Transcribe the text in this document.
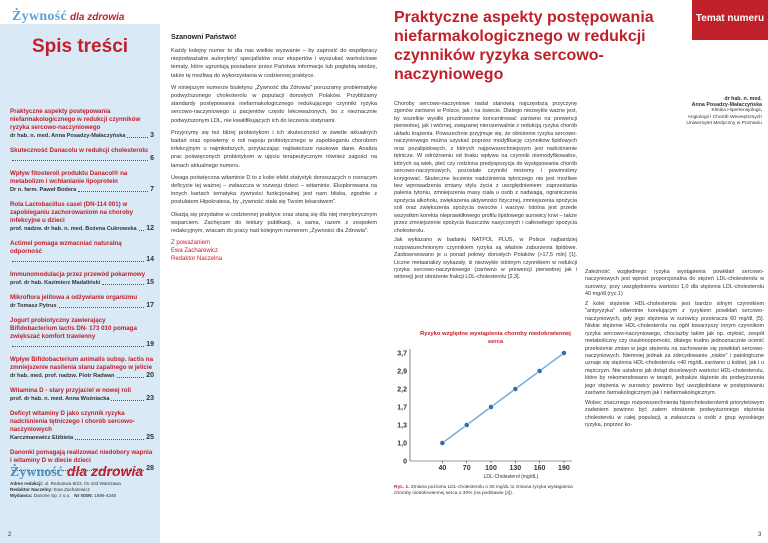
Żywność dla zdrowia
Spis treści
Praktyczne aspekty postępowania niefarmakologicznego w redukcji czynników ryzyka sercowo-naczyniowego
dr hab. n. med. Anna Posadzy-Małaczyńska	3
Skuteczność Danacolu w redukcji cholesterolu
6
Wpływ fitosteroli produktu Danacol® na metabolizm i wchłanianie lipoprotein
Dr n. farm. Paweł Bodera	7
Rola Lactobacillus casei (DN-114 001) w zapobieganiu zachorowaniom na choroby infekcyjne u dzieci
prof. nadzw. dr hab. n. med. Bożena Cukrowska 12
Actimel pomaga wzmacniać naturalną odporność
14
Immunomodulacja przez przewód pokarmowy
prof. dr hab. Kazimierz Madaliński	15
Mikroflora jelitowa a odżywianie organizmu
dr Tomasz Pytrus	17
Jogurt probiotyczny zawierający Bifidobacterium lactis DN- 173 010 pomaga zwiększać komfort trawienny
19
Wpływ Bifidobacterium animalis subsp. lactis na zmniejszenie nasilenia stanu zapalnego w jelicie
dr hab. med. prof. nadzw. Piotr Radwan	20
Witamina D - stary przyjaciel w nowej roli
prof. dr hab. n. med. Anna Woźniacka	23
Deficyt witaminy D jako czynnik ryzyka nadciśnienia tętniczego i chorób sercowo-naczyniowych
Karczmarewicz Elżbieta	25
Danonki pomagają realizować niedobory wapnia i witaminy D w diecie dzieci
28
Żywność dla zdrowia
Adres redakcji: ul. Redutowa 9/23, 01-103 Warszawa
Redaktor Naczelny: Ewa Zacharewicz
Wydawca: Danone Sp. z o.o. Nr ISSN: 1896-4346
2
Szanowni Państwo!

Każdy kolejny numer to dla nas wielkie wyzwanie – by zaprosić do współpracy niepodważalne autorytety/ specjalistów oraz ekspertów i wyszukać wartościowe tematy, które ugruntują posiadane przez Państwa informacje lub pogłębią wiedzę, także tę możliwą do wykorzystania w codziennej praktyce.

W niniejszym numerze biuletynu „Żywność dla Zdrowia" poruszamy problematykę podwyższonego cholesterolu w populacji dorosłych Polaków. Przybliżamy standardy postępowania niefarmakologicznego redukującego czynniki ryzyka sercowo-naczyniowego u pacjentów często lekceważonych, bo z nieznacznie podwyższonym LDL, nie kwalifikujących ich do leczenia statynami.

Przyjrzymy się też bliżej probiotykom i ich skuteczności w świetle aktualnych badań oraz opowiemy o roli napoju probiotycznego w zapobieganiu chorobom infekcyjnym u najmłodszych, przytaczając najświeższe naukowe dane. Analiza prac poświęconych probiotykom w ujęciu terapeutycznym również zagości na łamach aktualnego numeru.

Uwaga poświęcona witaminie D to z kolei efekt statystyk donoszących o rosnącym deficycie tej ważnej – zwłaszcza w rozwoju dzieci – witaminie. Eksplorowana na innych kartach tematyka żywności funkcjonalnej jest nam bliska, zgodnie z postulatem Hipokratesa, by „żywność stała się Twoim lekarstwem".

Okazją się przydatne w codziennej praktyce oraz staną się dla niej merytorycznym wsparciem. Zachęcam do lektury publikacji, a sama, razem z zespołem redakcyjnym, wracam do pracy nad kolejnym numerem „Żywności dla Zdrowia".

Z poważaniem
Ewa Zacharewicz
Redaktor Naczelna
Praktyczne aspekty postępowania niefarmakologicznego w redukcji czynników ryzyka sercowo-naczyniowego
Temat numeru
dr hab. n. med.
Anna Posadzy-Małaczyńska
Klinika Hipertensjologii,
Angiologii i Chorób Wewnętrznych
Uniwersytet Medyczny w Poznaniu

Choroby sercowo-naczyniowe nadal stanowią najczęstszą przyczynę zgonów zarówno w Polsce, jak i na świecie. Dlatego niezwykle ważne jest, by wszelkie wysiłki prozdrowotne koncentrować zarówno na prewencji pierwotnej, jak i wtórnej, związanej nierozerwalnie z redukcją ryzyka chorób układu krążenia. Powszechnie przyjmuje się, że obniżenie ryzyka sercowo-naczyniowego można uzyskać poprzez modyfikację czynników lipidowych oraz pozalipidowych, z których najpowszechniejszym jest nadciśnienie tętnicze. W odróżnieniu od braku wpływu na czynniki niemodyfikowalne, których są wiek, płeć czy rodzinna predyspozycja do występowania chorób sercowo-naczyniowych, pozostałe czynniki możemy i powinniśmy korygować. Skuteczne leczenie nadciśnienia tętniczego nie jest możliwe bez wprowadzenia zmiany stylu życia z uwzględnieniem: zaprzestania palenia tytoniu, zmniejszenia masy ciała u osób z nadwagą, ograniczenia spożycia alkoholu, zwiększenia aktywności fizycznej, zmniejszenia spożycia soli oraz zwiększenia spożycia owoców i warzyw. Istotna jest przede wszystkim korekta nieprawidłowego profilu lipidowego surowicy krwi – także przez zmniejszenie spożycia tłuszczów nasyconych i całkowitego spożycia cholesterolu.

Jak wykazano w badaniu NATPOL PLUS, w Polsce najbardziej rozpowszechnionym czynnikiem ryzyka są właśnie zaburzenia lipidowe. Zaobserwowano je u ponad połowy dorosłych Polaków (>17,5 mln) [1]. Liczne metaanalizy wykazały, iż niezwykle istotnym czynnikiem w redukcji ryzyka sercowo-naczyniowego (zarówno w prewencji pierwotnej jak i wtórnej) jest obniżenie frakcji LDL-cholesterolu [2,3].

Zależność względnego ryzyka wystąpienia powikłań sercowo-naczyniowych jest wprost proporcjonalna do stężeń LDL-cholesterolu w surowicy, przy uwzględnieniu wartości 1,0 dla stężenia LDL-cholesterolu 40 mg/dl (ryc.1)

Z kolei stężenie HDL-cholesterolu jest bardzo silnym czynnikiem "antyryzyka" odwrotnie korelującym z ryzykiem powikłań sercowo-naczyniowych, gdy jego stężenia w surowicy przekracza 60 mg/dl, [5]. Niskie stężenie HDL-cholesterolu na ogół towarzyszy innym czynnikom ryzyka sercowo-naczyniowego, chociażby takim jak np. otyłość, zespół metaboliczny czy insulinooporność, dlatego trudno jednoznacznie ocenić przełożenie zmian w jego stężeniu na zachowanie się powikłań sercowo-naczyniowych. Niemniej jednak za zdecydowanie „niskie" i patologiczne uznaje się stężenia HDL-cholesterolu <40 mg/dL zarówno u kobiet, jak i u mężczyzn. Nie ustalono jak dotąd docelowych wartości HDL-cholesterolu, które by rekomendowano w terapii, jednakże dążenie do podwyższenia jego stężenia w surowicy powinno być uwzględniane w postępowaniu zarówno farmakologicznym jak i niefarmakologicznym.

Wobec znacznego rozpowszechnienia hipercholesterolemii priorytetowym zadaniem powinno być zatem obniżenie podwyższonego stężenia cholesterolu w całej populacji, a zwłaszcza u osób z grup wysokiego ryzyka, poprzez ko-

Ryzyko względne wystąpienia choroby niedokrwiennej serca
0
1,0
1,3
1,7
2,2
2,9
3,7
40 70 100 130 160 190
LDL-Cholesterol (mg/dL)
Ryc. 1. Zmiana poziomu LDL-cholesterolu o 30 mg/dL to zmiana ryzyka wystąpienia choroby niedokrwiennej serca o 30% (na podstawie [4]).
3
